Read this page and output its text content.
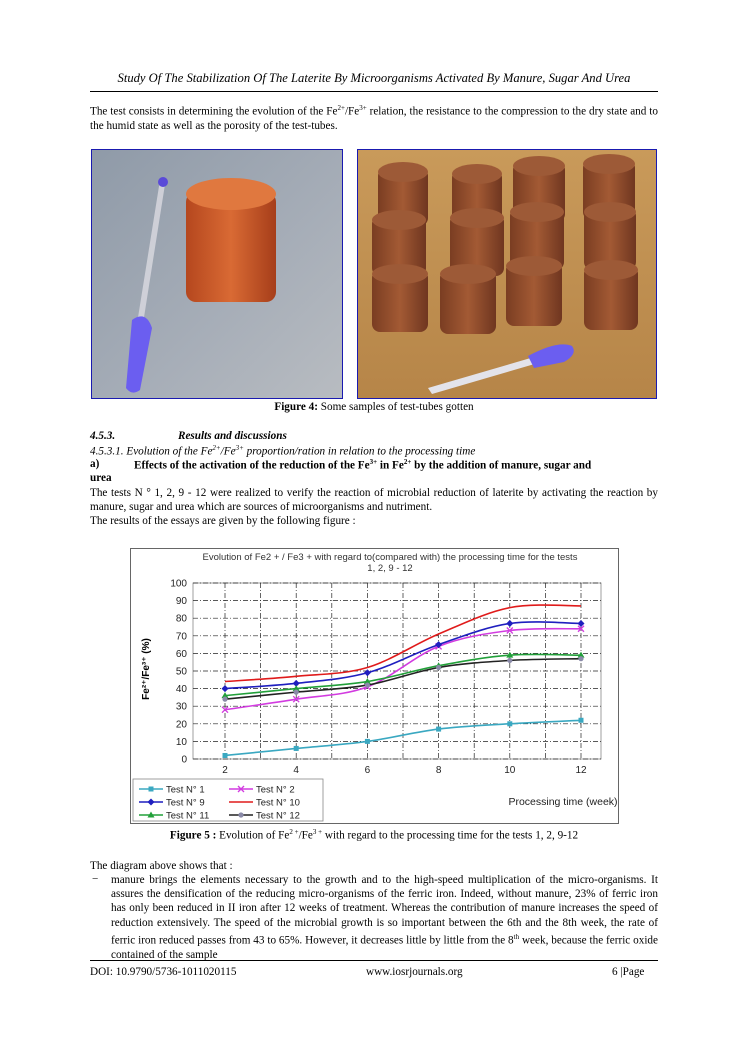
Study Of The Stabilization Of The Laterite By Microorganisms Activated By Manure, Sugar And Urea
The test consists in determining the evolution of the $Fe^{2+}/Fe^{3+}$ relation, the resistance to the compression to the dry state and to the humid state as well as the porosity of the test-tubes.
Figure 4: Some samples of test-tubes gotten
4.5.3.	Results and discussions
4.5.3.1. Evolution of the $Fe^{2+}/Fe^{3+}$ proportion/ration in relation to the processing time
a)	Effects of the activation of the reduction of the $Fe^{3+}$ in $Fe^{2+}$ by the addition of manure, sugar and
urea
The tests N ° 1, 2, 9 - 12 were realized to verify the reaction of microbial reduction of laterite by activating the reaction by manure, sugar and urea which are sources of microorganisms and nutriment.
The results of the essays are given by the following figure :
Evolution of Fe2 + / Fe3 + with regard to(compared with) the processing time for the tests
1, 2, 9 - 12
0
10
20
30
40
50
60
70
80
90
100
2	4	6	8	10	12
Fe²⁺/Fe³⁺ (%)
Processing time (week)
Test N° 1	Test N° 2
Test N° 9	Test N° 10
Test N° 11	Test N° 12
Figure 5 : Evolution of $Fe^{2 +}/Fe^{3 +}$ with regard to the processing time for the tests 1, 2, 9-12
The diagram above shows that :
− manure brings the elements necessary to the growth and to the high-speed multiplication of the micro-organisms. It assures the densification of the reducing micro-organisms of the ferric iron. Indeed, without manure, 23% of ferric iron has only been reduced in II iron after 12 weeks of treatment. Whereas the contribution of manure increases the speed of reduction extensively. The speed of the microbial growth is so important between the 6th and the 8th week, the rate of ferric iron reduced passes from 43 to 65%. However, it decreases little by little from the 8th week, because the ferric oxide contained of the sample
DOI: 10.9790/5736-1011020115	www.iosrjournals.org	6 |Page
